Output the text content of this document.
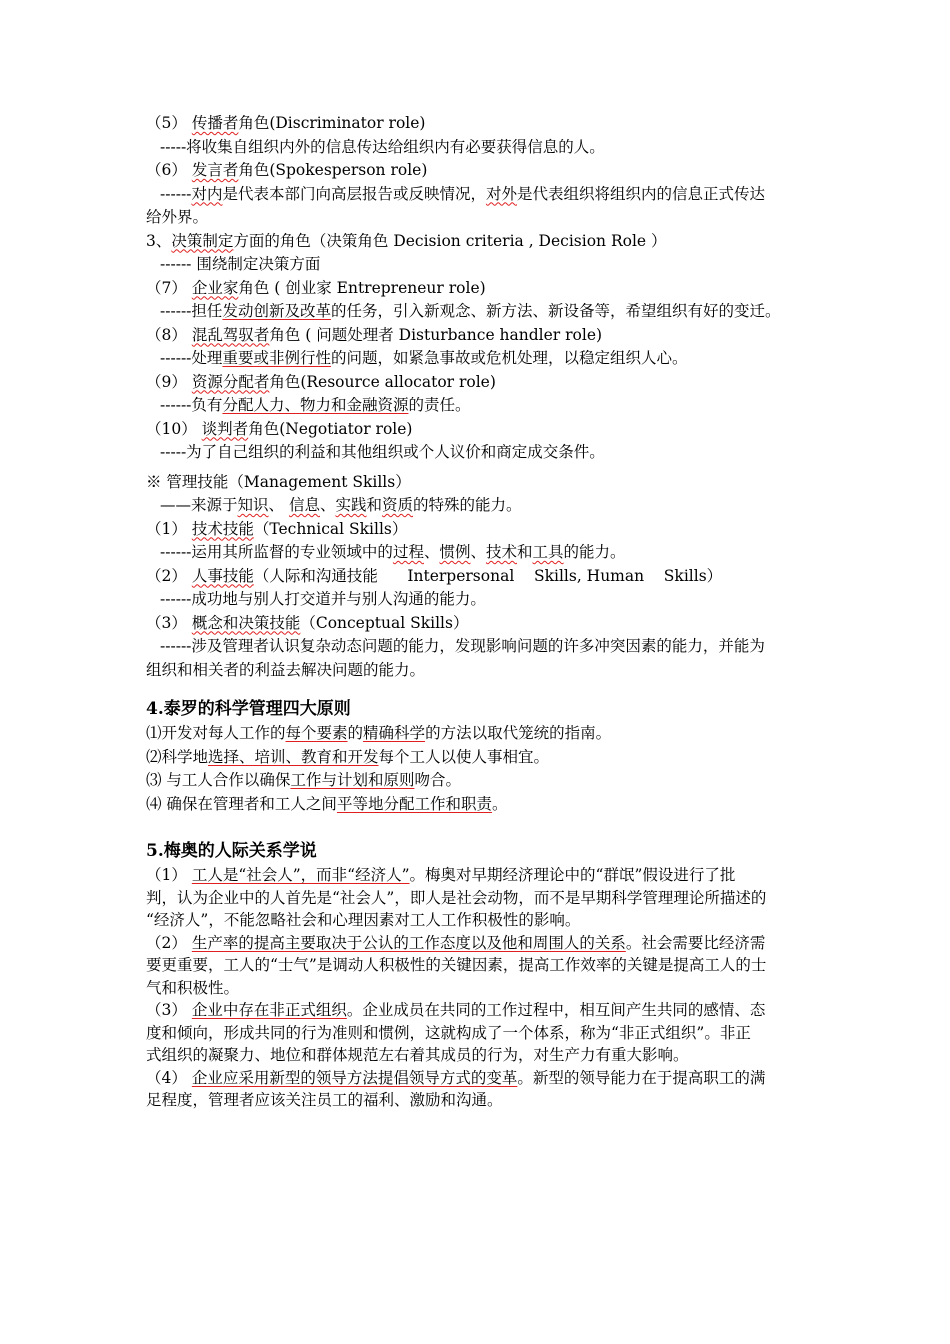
（5） 传播者角色(Discriminator role)
-----将收集自组织内外的信息传达给组织内有必要获得信息的人。
（6） 发言者角色(Spokesperson role)
------对内是代表本部门向高层报告或反映情况，对外是代表组织将组织内的信息正式传达
给外界。
3、决策制定方面的角色（决策角色 Decision criteria , Decision Role ）
------ 围绕制定决策方面
（7） 企业家角色 ( 创业家 Entrepreneur role)
------担任发动创新及改革的任务，引入新观念、新方法、新设备等，希望组织有好的变迁。
（8） 混乱驾驭者角色 ( 问题处理者 Disturbance handler role)
------处理重要或非例行性的问题，如紧急事故或危机处理，以稳定组织人心。
（9） 资源分配者角色(Resource allocator role)
------负有分配人力、物力和金融资源的责任。
（10） 谈判者角色(Negotiator role)
-----为了自己组织的利益和其他组织或个人议价和商定成交条件。
※ 管理技能（Management Skills）
——来源于知识、 信息、实践和资质的特殊的能力。
（1） 技术技能（Technical Skills）
------运用其所监督的专业领域中的过程、惯例、技术和工具的能力。
（2） 人事技能（人际和沟通技能      Interpersonal    Skills, Human    Skills）
------成功地与别人打交道并与别人沟通的能力。
（3） 概念和决策技能（Conceptual Skills）
------涉及管理者认识复杂动态问题的能力，发现影响问题的许多冲突因素的能力，并能为
组织和相关者的利益去解决问题的能力。
4.泰罗的科学管理四大原则
⑴开发对每人工作的每个要素的精确科学的方法以取代笼统的指南。
⑵科学地选择、培训、教育和开发每个工人以使人事相宜。
⑶ 与工人合作以确保工作与计划和原则吻合。
⑷ 确保在管理者和工人之间平等地分配工作和职责。
5.梅奥的人际关系学说
（1） 工人是“社会人”，而非“经济人”。梅奥对早期经济理论中的“群氓”假设进行了批
判，认为企业中的人首先是“社会人”，即人是社会动物，而不是早期科学管理理论所描述的
“经济人”，不能忽略社会和心理因素对工人工作积极性的影响。
（2） 生产率的提高主要取决于公认的工作态度以及他和周围人的关系。社会需要比经济需
要更重要，工人的“士气”是调动人积极性的关键因素，提高工作效率的关键是提高工人的士
气和积极性。
（3） 企业中存在非正式组织。企业成员在共同的工作过程中，相互间产生共同的感情、态
度和倾向，形成共同的行为准则和惯例，这就构成了一个体系，称为“非正式组织”。非正
式组织的凝聚力、地位和群体规范左右着其成员的行为，对生产力有重大影响。
（4） 企业应采用新型的领导方法提倡领导方式的变革。新型的领导能力在于提高职工的满
足程度，管理者应该关注员工的福利、激励和沟通。
